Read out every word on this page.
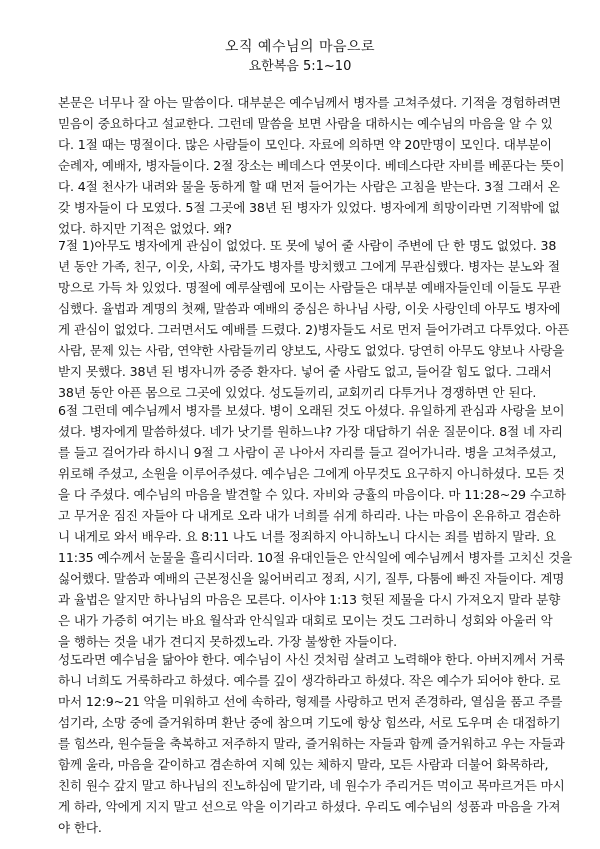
오직 예수님의 마음으로
요한복음 5:1~10
본문은 너무나 잘 아는 말씀이다. 대부분은 예수님께서 병자를 고쳐주셨다. 기적을 경험하려면
믿음이 중요하다고 설교한다. 그런데 말씀을 보면 사람을 대하시는 예수님의 마음을 알 수 있
다. 1절 때는 명절이다. 많은 사람들이 모인다. 자료에 의하면 약 20만명이 모인다. 대부분이
순례자, 예배자, 병자들이다. 2절 장소는 베데스다 연못이다. 베데스다란 자비를 베푼다는 뜻이
다. 4절 천사가 내려와 물을 동하게 할 때 먼저 들어가는 사람은 고침을 받는다. 3절 그래서 온
갖 병자들이 다 모였다. 5절 그곳에 38년 된 병자가 있었다. 병자에게 희망이라면 기적밖에 없
었다. 하지만 기적은 없었다. 왜?
7절 1)아무도 병자에게 관심이 없었다. 또 못에 넣어 줄 사람이 주변에 단 한 명도 없었다. 38
년 동안 가족, 친구, 이웃, 사회, 국가도 병자를 방치했고 그에게 무관심했다. 병자는 분노와 절
망으로 가득 차 있었다. 명절에 예루살렘에 모이는 사람들은 대부분 예배자들인데 이들도 무관
심했다. 율법과 계명의 첫째, 말씀과 예배의 중심은 하나님 사랑, 이웃 사랑인데 아무도 병자에
게 관심이 없었다. 그러면서도 예배를 드렸다. 2)병자들도 서로 먼저 들어가려고 다투었다. 아픈
사람, 문제 있는 사람, 연약한 사람들끼리 양보도, 사랑도 없었다. 당연히 아무도 양보나 사랑을
받지 못했다. 38년 된 병자니까 중증 환자다. 넣어 줄 사람도 없고, 들어갈 힘도 없다. 그래서
38년 동안 아픈 몸으로 그곳에 있었다. 성도들끼리, 교회끼리 다투거나 경쟁하면 안 된다.
6절 그런데 예수님께서 병자를 보셨다. 병이 오래된 것도 아셨다. 유일하게 관심과 사랑을 보이
셨다. 병자에게 말씀하셨다. 네가 낫기를 원하느냐? 가장 대답하기 쉬운 질문이다. 8절 네 자리
를 들고 걸어가라 하시니 9절 그 사람이 곧 나아서 자리를 들고 걸어가니라. 병을 고쳐주셨고,
위로해 주셨고, 소원을 이루어주셨다. 예수님은 그에게 아무것도 요구하지 아니하셨다. 모든 것
을 다 주셨다. 예수님의 마음을 발견할 수 있다. 자비와 긍휼의 마음이다. 마 11:28~29 수고하
고 무거운 짐진 자들아 다 내게로 오라 내가 너희를 쉬게 하리라. 나는 마음이 온유하고 겸손하
니 내게로 와서 배우라. 요 8:11 나도 너를 정죄하지 아니하노니 다시는 죄를 범하지 말라. 요
11:35 예수께서 눈물을 흘리시더라. 10절 유대인들은 안식일에 예수님께서 병자를 고치신 것을
싫어했다. 말씀과 예배의 근본정신을 잃어버리고 정죄, 시기, 질투, 다툼에 빠진 자들이다. 계명
과 율법은 알지만 하나님의 마음은 모른다. 이사야 1:13 헛된 제물을 다시 가져오지 말라 분향
은 내가 가증히 여기는 바요 월삭과 안식일과 대회로 모이는 것도 그러하니 성회와 아울러 악
을 행하는 것을 내가 견디지 못하겠노라. 가장 불쌍한 자들이다.
성도라면 예수님을 닮아야 한다. 예수님이 사신 것처럼 살려고 노력해야 한다. 아버지께서 거룩
하니 너희도 거룩하라고 하셨다. 예수를 깊이 생각하라고 하셨다. 작은 예수가 되어야 한다. 로
마서 12:9~21 악을 미워하고 선에 속하라, 형제를 사랑하고 먼저 존경하라, 열심을 품고 주를
섬기라, 소망 중에 즐거워하며 환난 중에 참으며 기도에 항상 힘쓰라, 서로 도우며 손 대접하기
를 힘쓰라, 원수들을 축복하고 저주하지 말라, 즐거워하는 자들과 함께 즐거워하고 우는 자들과
함께 울라, 마음을 같이하고 겸손하여 지혜 있는 체하지 말라, 모든 사람과 더불어 화목하라,
친히 원수 갚지 말고 하나님의 진노하심에 맡기라, 네 원수가 주리거든 먹이고 목마르거든 마시
게 하라, 악에게 지지 말고 선으로 악을 이기라고 하셨다. 우리도 예수님의 성품과 마음을 가져
야 한다.
